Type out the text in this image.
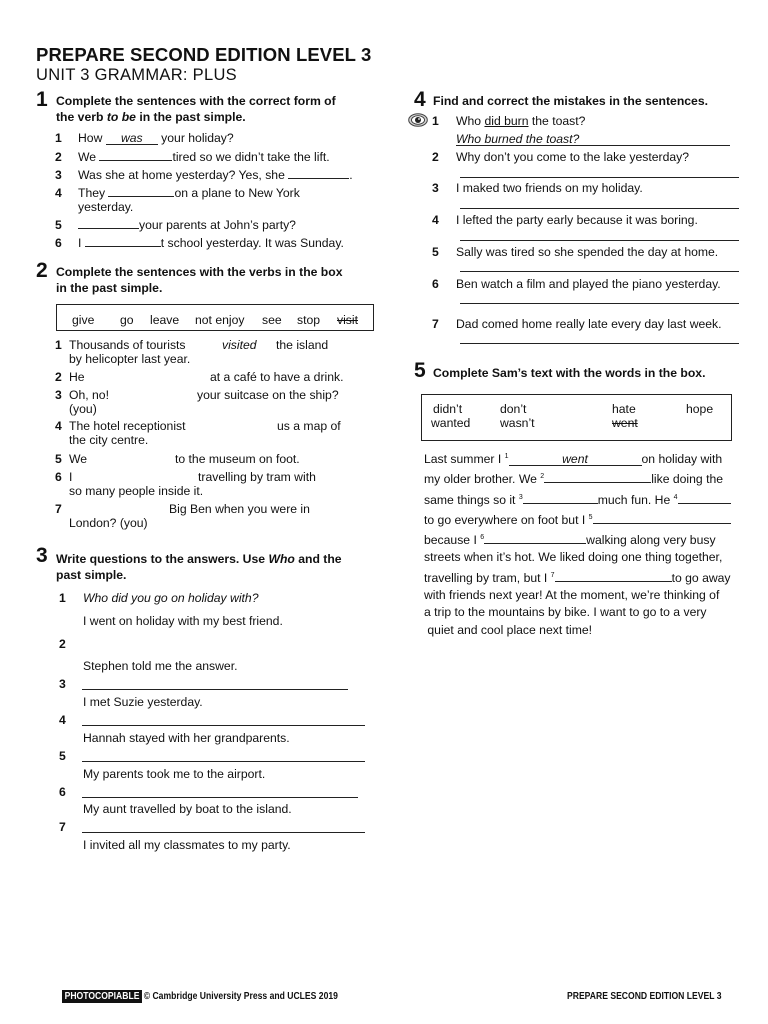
PREPARE SECOND EDITION LEVEL 3
UNIT 3 GRAMMAR: PLUS
1 Complete the sentences with the correct form of
the verb to be in the past simple.
1 How was your holiday?
2 We	tired so we didn’t take the lift.
3 Was she at home yesterday? Yes, she	.
4 They	on a plane to New York
yesterday.
5	your parents at John’s party?
6 I	t school yesterday. It was Sunday.
2 Complete the sentences with the verbs in the box
in the past simple.
give go leave not enjoy see stop visit
1 Thousands of tourists
by helicopter last year.
visited the island
2 He	at a café to have a drink.
3 Oh, no!
(you)
your suitcase on the ship?
4 The hotel receptionist
the city centre.
us a map of
5 We	to the museum on foot.
6 I
so many people inside it.
travelling by tram with
7
London? (you)
Big Ben when you were in
3 Write questions to the answers. Use Who and the
past simple.
1 Who did you go on holiday with?
I went on holiday with my best friend.
2
Stephen told me the answer.
3
I met Suzie yesterday.
4
Hannah stayed with her grandparents.
5
My parents took me to the airport.
6
My aunt travelled by boat to the island.
7
I invited all my classmates to my party.
4 Find and correct the mistakes in the sentences.
1 Who did burn the toast?
Who burned the toast?
2 Why don’t you come to the lake yesterday?
3 I maked two friends on my holiday.
4 I lefted the party early because it was boring.
5 Sally was tired so she spended the day at home.
6 Ben watch a film and played the piano yesterday.
7 Dad comed home really late every day last week.
5 Complete Sam’s text with the words in the box.
didn’t	don’t	hate	hope
wanted wasn’t	went
Last summer I $^1$	went	on holiday with
my older brother. We $^2$	like doing the
same things so it $^3$	much fun. He $^4$
to go everywhere on foot but I $^5$
because I $^6$	walking along very busy
streets when it’s hot. We liked doing one thing together,
travelling by tram, but I $^7$	to go away
with friends next year! At the moment, we’re thinking of
a trip to the mountains by bike. I want to go to a very
quiet and cool place next time!
PHOTOCOPIABLE © Cambridge University Press and UCLES 2019	PREPARE SECOND EDITION LEVEL 3
